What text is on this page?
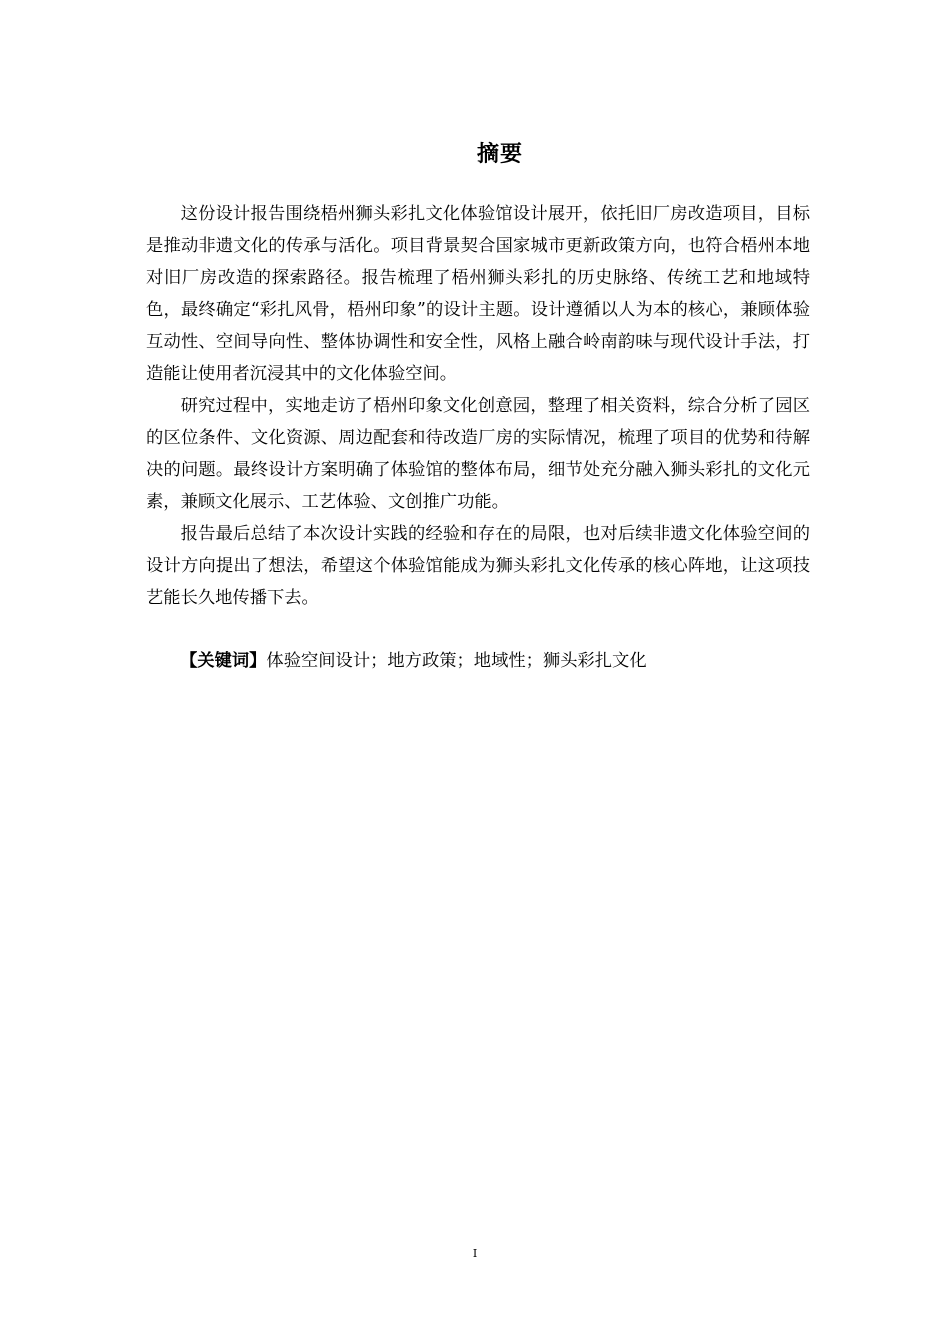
摘要

这份设计报告围绕梧州狮头彩扎文化体验馆设计展开，依托旧厂房改造项目，目标是推动非遗文化的传承与活化。项目背景契合国家城市更新政策方向，也符合梧州本地对旧厂房改造的探索路径。报告梳理了梧州狮头彩扎的历史脉络、传统工艺和地域特色，最终确定“彩扎风骨，梧州印象”的设计主题。设计遵循以人为本的核心，兼顾体验互动性、空间导向性、整体协调性和安全性，风格上融合岭南韵味与现代设计手法，打造能让使用者沉浸其中的文化体验空间。

研究过程中，实地走访了梧州印象文化创意园，整理了相关资料，综合分析了园区的区位条件、文化资源、周边配套和待改造厂房的实际情况，梳理了项目的优势和待解决的问题。最终设计方案明确了体验馆的整体布局，细节处充分融入狮头彩扎的文化元素，兼顾文化展示、工艺体验、文创推广功能。

报告最后总结了本次设计实践的经验和存在的局限，也对后续非遗文化体验空间的设计方向提出了想法，希望这个体验馆能成为狮头彩扎文化传承的核心阵地，让这项技艺能长久地传播下去。

【关键词】体验空间设计；地方政策；地域性；狮头彩扎文化
I
